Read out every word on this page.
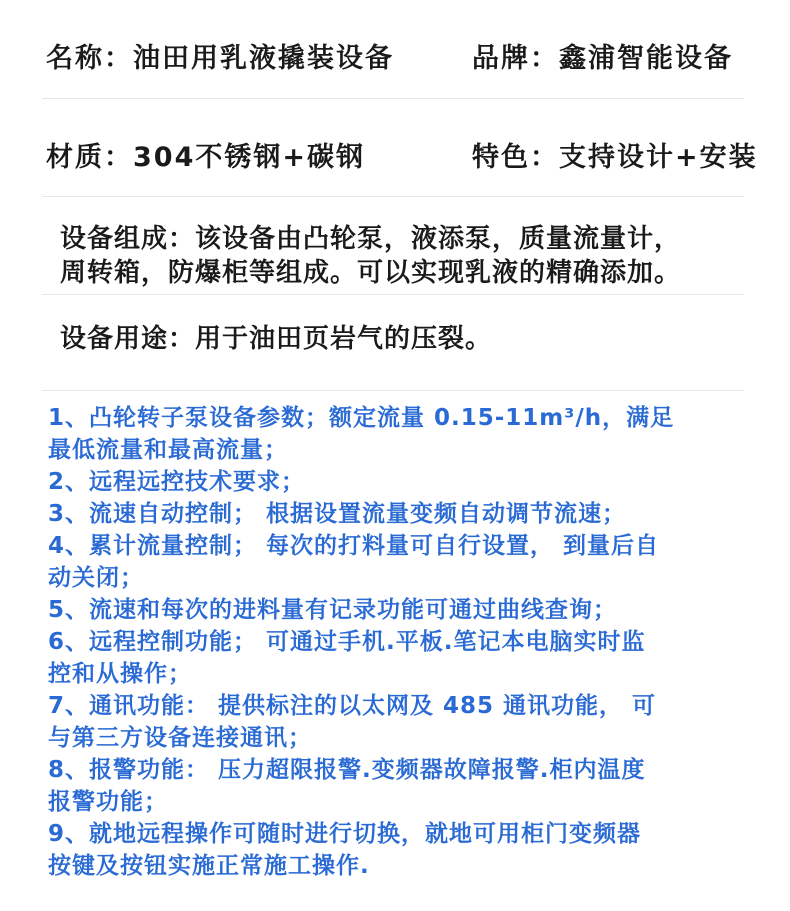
名称：油田用乳液撬装设备	品牌：鑫浦智能设备
材质：304不锈钢+碳钢	特色：支持设计+安装
设备组成：该设备由凸轮泵，液添泵，质量流量计，
周转箱，防爆柜等组成。可以实现乳液的精确添加。
设备用途：用于油田页岩气的压裂。
1、凸轮转子泵设备参数；额定流量 0.15-11m³/h，满足
最低流量和最高流量；
2、远程远控技术要求；
3、流速自动控制； 根据设置流量变频自动调节流速；
4、累计流量控制； 每次的打料量可自行设置， 到量后自
动关闭；
5、流速和每次的进料量有记录功能可通过曲线查询；
6、远程控制功能； 可通过手机.平板.笔记本电脑实时监
控和从操作；
7、通讯功能： 提供标注的以太网及 485 通讯功能， 可
与第三方设备连接通讯；
8、报警功能： 压力超限报警.变频器故障报警.柜内温度
报警功能；
9、就地远程操作可随时进行切换，就地可用柜门变频器
按键及按钮实施正常施工操作.
